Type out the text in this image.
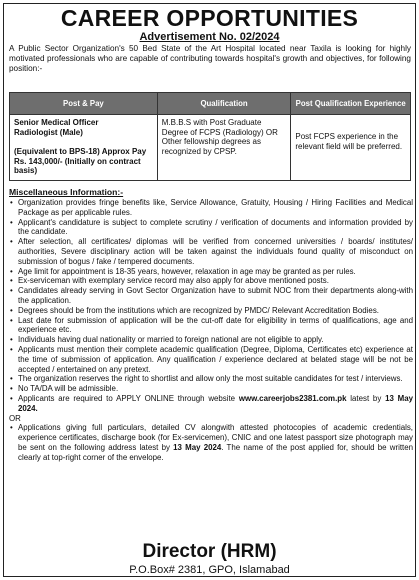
CAREER OPPORTUNITIES
Advertisement No. 02/2024
A Public Sector Organization's 50 Bed State of the Art Hospital located near Taxila is looking for highly motivated professionals who are capable of contributing towards hospital's growth and objectives, for following position:-
Post & Pay	Qualification	Post Qualification Experience

Senior Medical Officer Radiologist (Male)
(Equivalent to BPS-18) Approx Pay Rs. 143,000/- (Initially on contract basis)	M.B.B.S with Post Graduate Degree of FCPS (Radiology) OR Other fellowship degrees as recognized by CPSP.	Post FCPS experience in the relevant field will be preferred.
Miscellaneous Information:-
• Organization provides fringe benefits like, Service Allowance, Gratuity, Housing / Hiring Facilities and Medical Package as per applicable rules.
• Applicant's candidature is subject to complete scrutiny / verification of documents and information provided by the candidate.
• After selection, all certificates/ diplomas will be verified from concerned universities / boards/ institutes/ authorities, Severe disciplinary action will be taken against the individuals found quality of misconduct on submission of bogus / fake / tempered documents.
• Age limit for appointment is 18-35 years, however, relaxation in age may be granted as per rules.
• Ex-serviceman with exemplary service record may also apply for above mentioned posts.
• Candidates already serving in Govt Sector Organization have to submit NOC from their departments along-with the application.
• Degrees should be from the institutions which are recognized by PMDC/ Relevant Accreditation Bodies.
• Last date for submission of application will be the cut-off date for eligibility in terms of qualifications, age and experience etc.
• Individuals having dual nationality or married to foreign national are not eligible to apply.
• Applicants must mention their complete academic qualification (Degree, Diploma, Certificates etc) experience at the time of submission of application. Any qualification / experience declared at belated stage will be not be accepted / entertained on any pretext.
• The organization reserves the right to shortlist and allow only the most suitable candidates for test / interviews.
• No TA/DA will be admissible.
• Applicants are required to APPLY ONLINE through website www.careerjobs2381.com.pk latest by 13 May 2024.
OR
• Applications giving full particulars, detailed CV alongwith attested photocopies of academic credentials, experience certificates, discharge book (for Ex-servicemen), CNIC and one latest passport size photograph may be sent on the following address latest by 13 May 2024. The name of the post applied for, should be written clearly at top-right corner of the envelope.
Director (HRM)
P.O.Box# 2381, GPO, Islamabad
